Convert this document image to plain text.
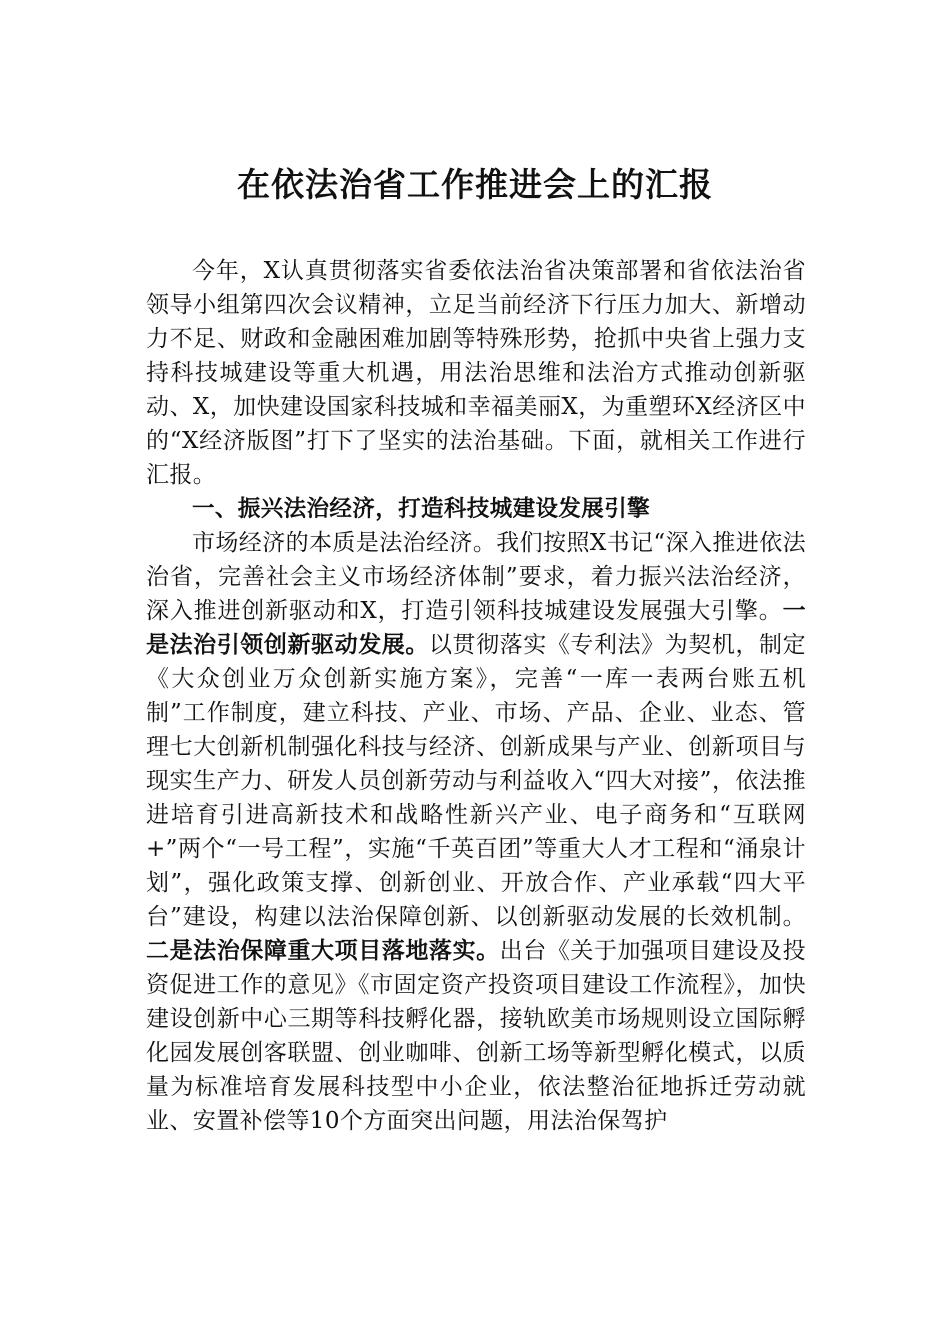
在依法治省工作推进会上的汇报

今年，X认真贯彻落实省委依法治省决策部署和省依法治省领导小组第四次会议精神，立足当前经济下行压力加大、新增动力不足、财政和金融困难加剧等特殊形势，抢抓中央省上强力支持科技城建设等重大机遇，用法治思维和法治方式推动创新驱动、X，加快建设国家科技城和幸福美丽X，为重塑环X经济区中的“X经济版图”打下了坚实的法治基础。下面，就相关工作进行汇报。

一、振兴法治经济，打造科技城建设发展引擎

市场经济的本质是法治经济。我们按照X书记“深入推进依法治省，完善社会主义市场经济体制”要求，着力振兴法治经济，深入推进创新驱动和X，打造引领科技城建设发展强大引擎。一是法治引领创新驱动发展。以贯彻落实《专利法》为契机，制定《大众创业万众创新实施方案》，完善“一库一表两台账五机制”工作制度，建立科技、产业、市场、产品、企业、业态、管理七大创新机制强化科技与经济、创新成果与产业、创新项目与现实生产力、研发人员创新劳动与利益收入“四大对接”，依法推进培育引进高新技术和战略性新兴产业、电子商务和“互联网+”两个“一号工程”，实施“千英百团”等重大人才工程和“涌泉计划”，强化政策支撑、创新创业、开放合作、产业承载“四大平台”建设，构建以法治保障创新、以创新驱动发展的长效机制。二是法治保障重大项目落地落实。出台《关于加强项目建设及投资促进工作的意见》《市固定资产投资项目建设工作流程》，加快建设创新中心三期等科技孵化器，接轨欧美市场规则设立国际孵化园发展创客联盟、创业咖啡、创新工场等新型孵化模式，以质量为标准培育发展科技型中小企业，依法整治征地拆迁劳动就业、安置补偿等10个方面突出问题，用法治保驾护
